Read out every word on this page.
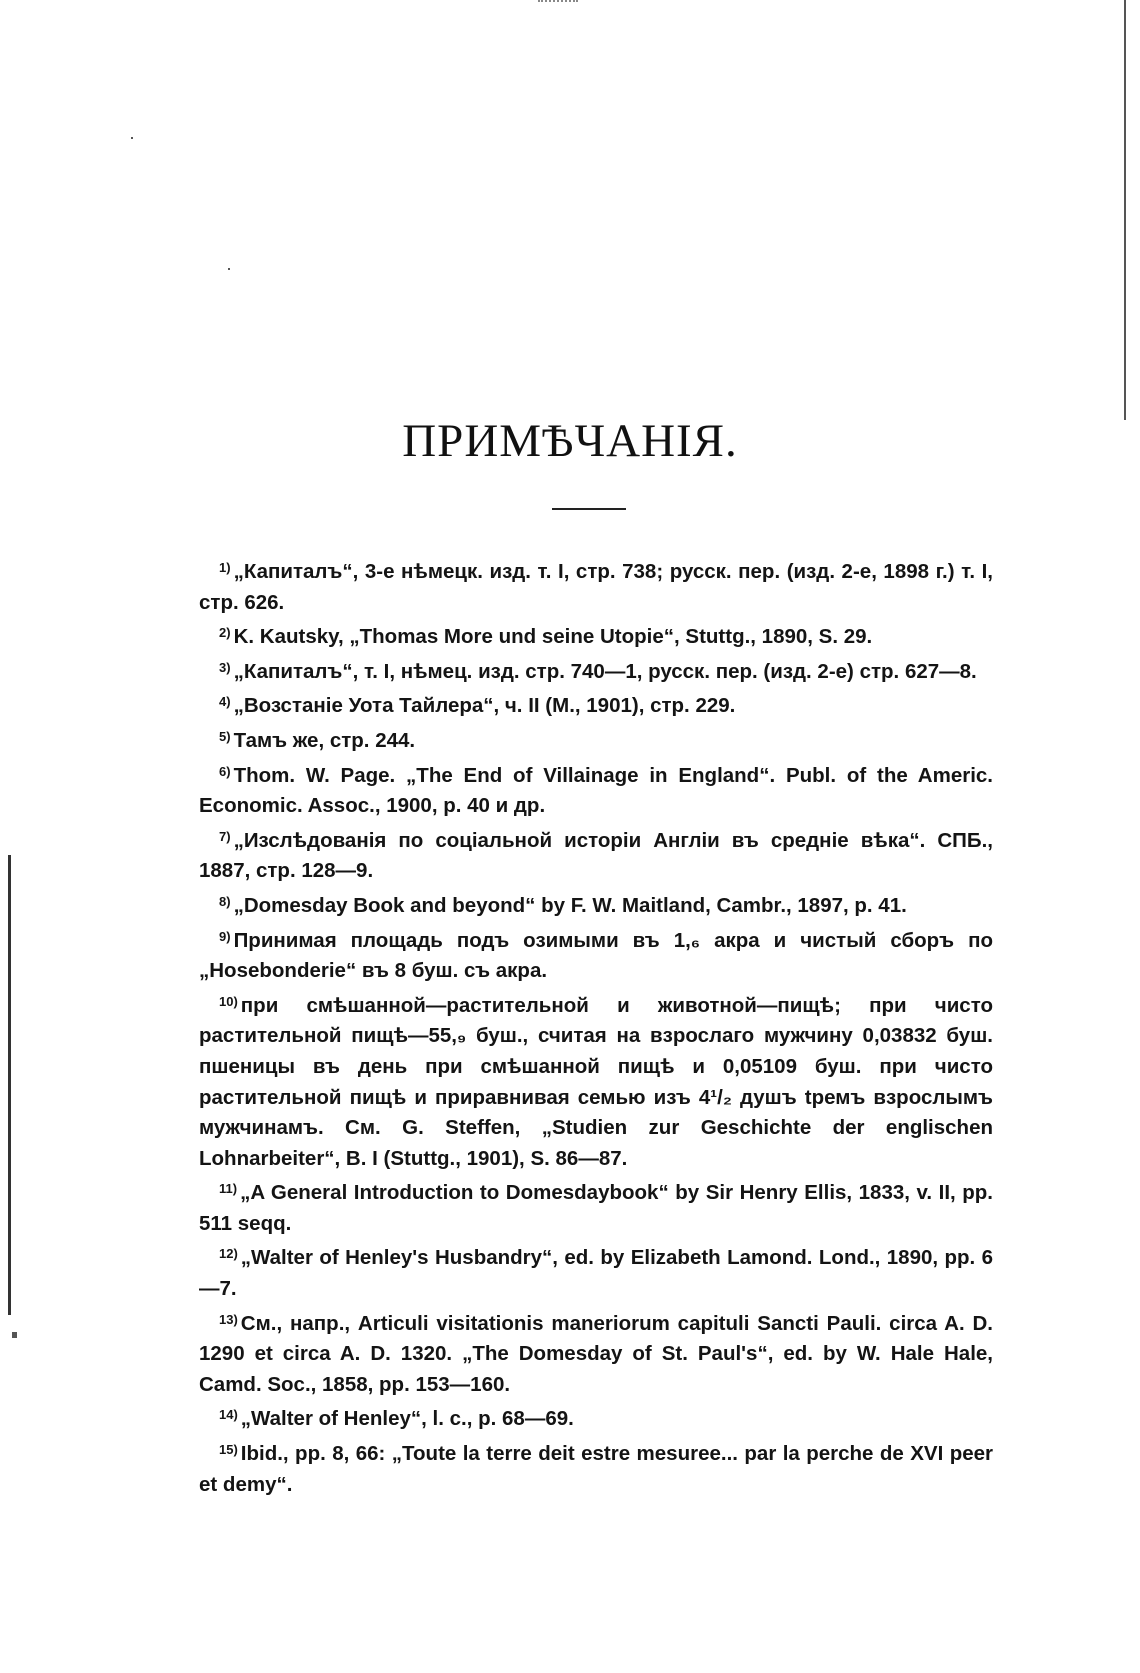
ПРИМѢЧАНІЯ.

$^{1)}$ „Капиталъ“, 3-е нѣмецк. изд. т. I, стр. 738; русск. пер. (изд. 2-е, 1898 г.) т. I, стр. 626.

$^{2)}$ K. Kautsky, „Thomas More und seine Utopie“, Stuttg., 1890, S. 29.

$^{3)}$ „Капиталъ“, т. I, нѣмец. изд. стр. 740—1, русск. пер. (изд. 2-е) стр. 627—8.

$^{4)}$ „Возстаніе Уота Тайлера“, ч. II (М., 1901), стр. 229.

$^{5)}$ Тамъ же, стр. 244.

$^{6)}$ Thom. W. Page. „The End of Villainage in England“. Publ. of the Americ. Economic. Assoc., 1900, p. 40 и др.

$^{7)}$ „Изслѣдованія по соціальной исторіи Англіи въ средніе вѣка“. СПБ., 1887, стр. 128—9.

$^{8)}$ „Domesday Book and beyond“ by F. W. Maitland, Cambr., 1897, p. 41.

$^{9)}$ Принимая площадь подъ озимыми въ 1,₆ акра и чистый сборъ по „Hosebonderie“ въ 8 буш. съ акра.

$^{10)}$ при смѣшанной—растительной и животной—пищѣ; при чисто растительной пищѣ—55,₉ буш., считая на взрослаго мужчину 0,03832 буш. пшеницы въ день при смѣшанной пищѣ и 0,05109 буш. при чисто растительной пищѣ и приравнивая семью изъ 4¹/₂ душъ tремъ взрослымъ мужчинамъ. См. G. Steffen, „Studien zur Geschichte der englischen Lohnarbeiter“, B. I (Stuttg., 1901), S. 86—87.

$^{11)}$ „A General Introduction to Domesdaybook“ by Sir Henry Ellis, 1833, v. II, pp. 511 seqq.

$^{12)}$ „Walter of Henley's Husbandry“, ed. by Elizabeth Lamond. Lond., 1890, pp. 6—7.

$^{13)}$ См., напр., Articuli visitationis maneriorum capituli Sancti Pauli. circa A. D. 1290 et circa A. D. 1320. „The Domesday of St. Paul's“, ed. by W. Hale Hale, Camd. Soc., 1858, pp. 153—160.

$^{14)}$ „Walter of Henley“, l. c., p. 68—69.

$^{15)}$ Ibid., pp. 8, 66: „Toute la terre deit estre mesuree... par la perche de XVI peer et demy“.
